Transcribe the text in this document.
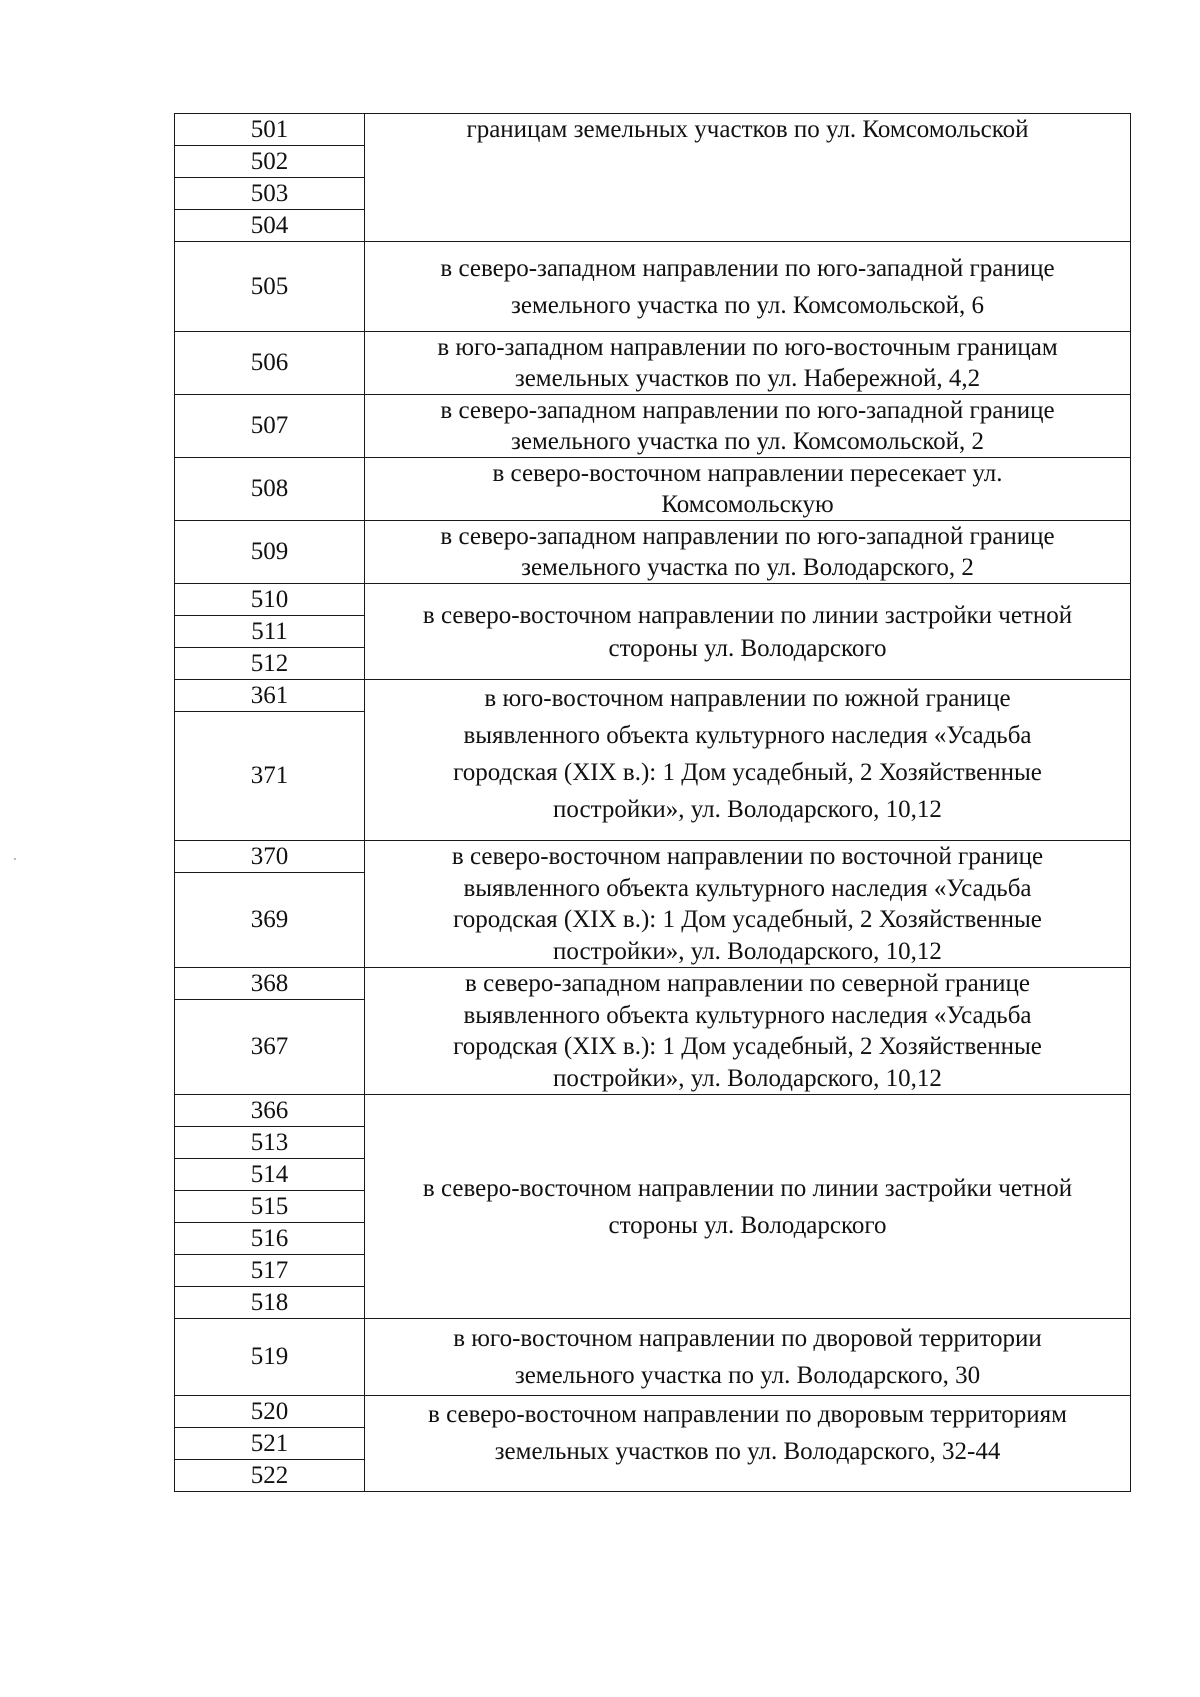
501	границам земельных участков по ул. Комсомольской

502	
503	
504	
505	в северо-западном направлении по юго-западной границе
земельного участка по ул. Комсомольской, 6

506	в юго-западном направлении по юго-восточным границам
земельных участков по ул. Набережной, 4,2

507	в северо-западном направлении по юго-западной границе
земельного участка по ул. Комсомольской, 2

508	в северо-восточном направлении пересекает ул.
Комсомольскую

509	в северо-западном направлении по юго-западной границе
земельного участка по ул. Володарского, 2

510	в северо-восточном направлении по линии застройки четной
стороны ул. Володарского

511	
512	
361	в юго-восточном направлении по южной границе
выявленного объекта культурного наследия «Усадьба
городская (XIX в.): 1 Дом усадебный, 2 Хозяйственные
постройки», ул. Володарского, 10,12

371	
370	в северо-восточном направлении по восточной границе
выявленного объекта культурного наследия «Усадьба
городская (XIX в.): 1 Дом усадебный, 2 Хозяйственные
постройки», ул. Володарского, 10,12

369	
368	в северо-западном направлении по северной границе
выявленного объекта культурного наследия «Усадьба
городская (XIX в.): 1 Дом усадебный, 2 Хозяйственные
постройки», ул. Володарского, 10,12

367	
366	в северо-восточном направлении по линии застройки четной
стороны ул. Володарского

513	
514	
515	
516	
517	
518	
519	в юго-восточном направлении по дворовой территории
земельного участка по ул. Володарского, 30

520	в северо-восточном направлении по дворовым территориям
земельных участков по ул. Володарского, 32-44

521	
522	
